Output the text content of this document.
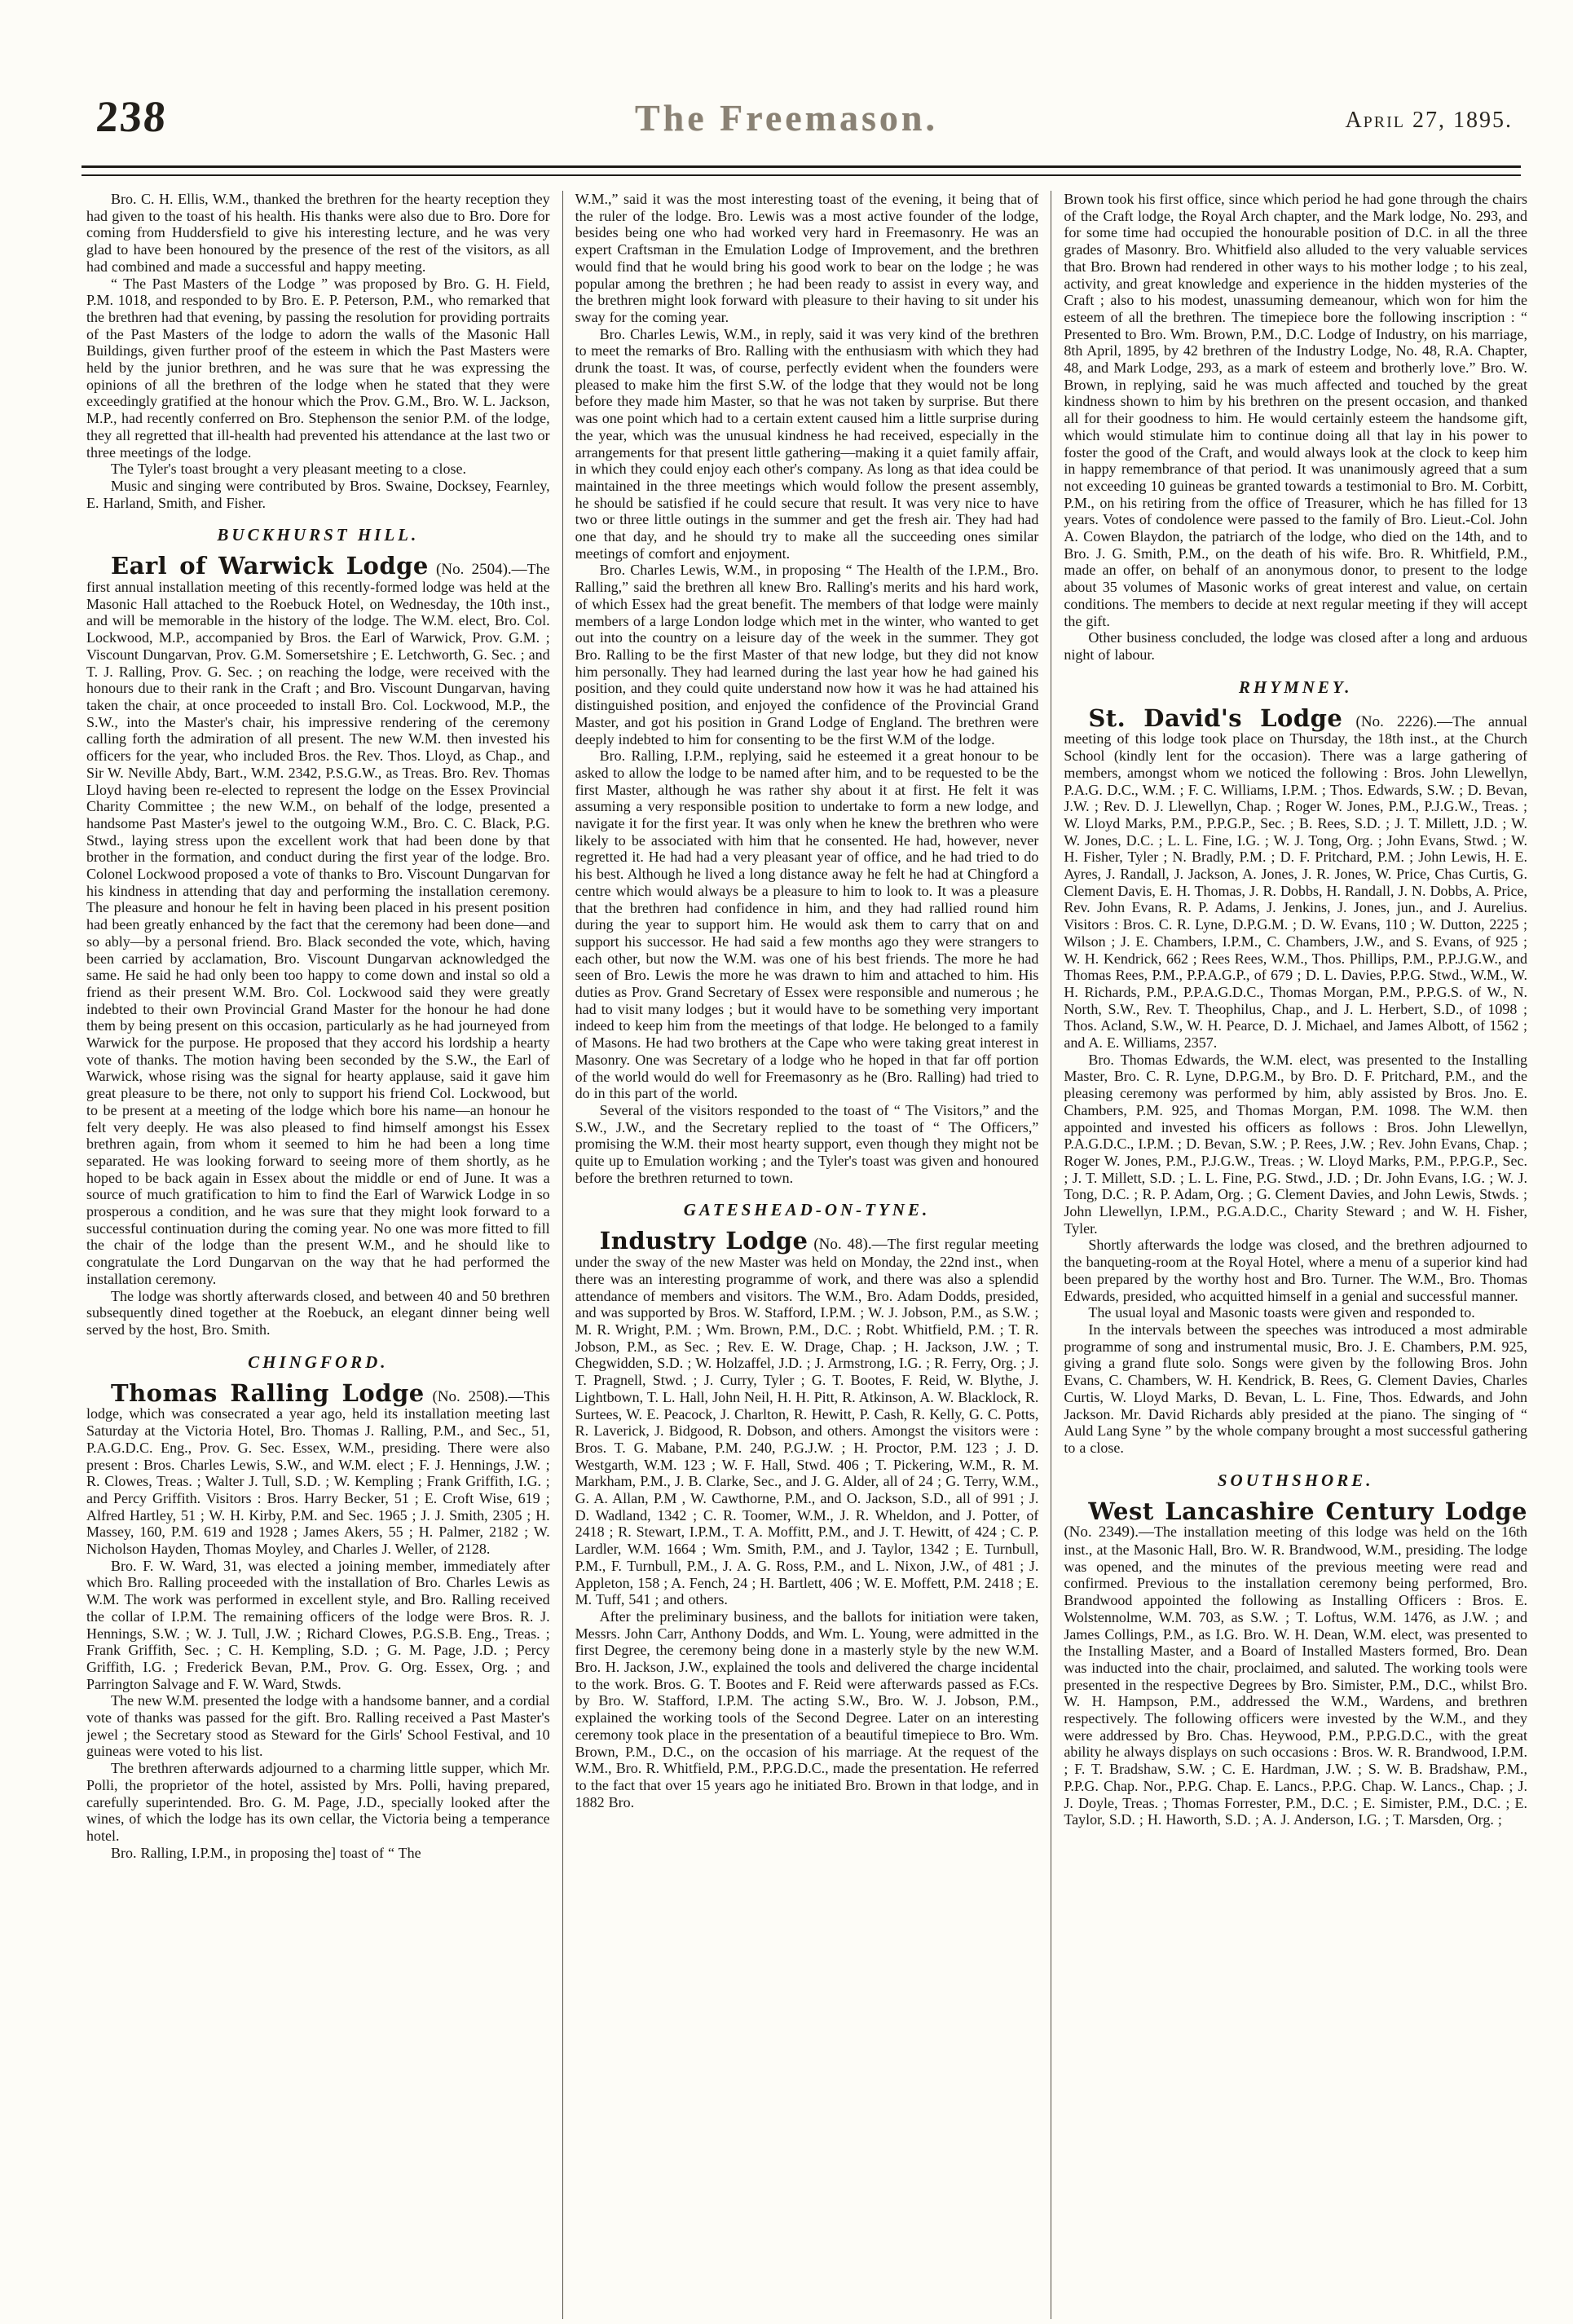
238	The Freemason.	April 27, 1895.

Bro. C. H. Ellis, W.M., thanked the brethren for the hearty reception they had given to the toast of his health. His thanks were also due to Bro. Dore for coming from Huddersfield to give his interesting lecture, and he was very glad to have been honoured by the presence of the rest of the visitors, as all had combined and made a successful and happy meeting.

“ The Past Masters of the Lodge ” was proposed by Bro. G. H. Field, P.M. 1018, and responded to by Bro. E. P. Peterson, P.M., who remarked that the brethren had that evening, by passing the resolution for providing portraits of the Past Masters of the lodge to adorn the walls of the Masonic Hall Buildings, given further proof of the esteem in which the Past Masters were held by the junior brethren, and he was sure that he was expressing the opinions of all the brethren of the lodge when he stated that they were exceedingly gratified at the honour which the Prov. G.M., Bro. W. L. Jackson, M.P., had recently conferred on Bro. Stephenson the senior P.M. of the lodge, they all regretted that ill-health had prevented his attendance at the last two or three meetings of the lodge.

The Tyler's toast brought a very pleasant meeting to a close.

Music and singing were contributed by Bros. Swaine, Docksey, Fearnley, E. Harland, Smith, and Fisher.

BUCKHURST HILL.

Earl of Warwick Lodge (No. 2504).—The first annual installation meeting of this recently-formed lodge was held at the Masonic Hall attached to the Roebuck Hotel, on Wednesday, the 10th inst., and will be memorable in the history of the lodge. The W.M. elect, Bro. Col. Lockwood, M.P., accompanied by Bros. the Earl of Warwick, Prov. G.M. ; Viscount Dungarvan, Prov. G.M. Somersetshire ; E. Letchworth, G. Sec. ; and T. J. Ralling, Prov. G. Sec. ; on reaching the lodge, were received with the honours due to their rank in the Craft ; and Bro. Viscount Dungarvan, having taken the chair, at once proceeded to install Bro. Col. Lockwood, M.P., the S.W., into the Master's chair, his impressive rendering of the ceremony calling forth the admiration of all present. The new W.M. then invested his officers for the year, who included Bros. the Rev. Thos. Lloyd, as Chap., and Sir W. Neville Abdy, Bart., W.M. 2342, P.S.G.W., as Treas. Bro. Rev. Thomas Lloyd having been re-elected to represent the lodge on the Essex Provincial Charity Committee ; the new W.M., on behalf of the lodge, presented a handsome Past Master's jewel to the outgoing W.M., Bro. C. C. Black, P.G. Stwd., laying stress upon the excellent work that had been done by that brother in the formation, and conduct during the first year of the lodge. Bro. Colonel Lockwood proposed a vote of thanks to Bro. Viscount Dungarvan for his kindness in attending that day and performing the installation ceremony. The pleasure and honour he felt in having been placed in his present position had been greatly enhanced by the fact that the ceremony had been done—and so ably—by a personal friend. Bro. Black seconded the vote, which, having been carried by acclamation, Bro. Viscount Dungarvan acknowledged the same. He said he had only been too happy to come down and instal so old a friend as their present W.M. Bro. Col. Lockwood said they were greatly indebted to their own Provincial Grand Master for the honour he had done them by being present on this occasion, particularly as he had journeyed from Warwick for the purpose. He proposed that they accord his lordship a hearty vote of thanks. The motion having been seconded by the S.W., the Earl of Warwick, whose rising was the signal for hearty applause, said it gave him great pleasure to be there, not only to support his friend Col. Lockwood, but to be present at a meeting of the lodge which bore his name—an honour he felt very deeply. He was also pleased to find himself amongst his Essex brethren again, from whom it seemed to him he had been a long time separated. He was looking forward to seeing more of them shortly, as he hoped to be back again in Essex about the middle or end of June. It was a source of much gratification to him to find the Earl of Warwick Lodge in so prosperous a condition, and he was sure that they might look forward to a successful continuation during the coming year. No one was more fitted to fill the chair of the lodge than the present W.M., and he should like to congratulate the Lord Dungarvan on the way that he had performed the installation ceremony.

The lodge was shortly afterwards closed, and between 40 and 50 brethren subsequently dined together at the Roebuck, an elegant dinner being well served by the host, Bro. Smith.

CHINGFORD.

Thomas Ralling Lodge (No. 2508).—This lodge, which was consecrated a year ago, held its installation meeting last Saturday at the Victoria Hotel, Bro. Thomas J. Ralling, P.M., and Sec., 51, P.A.G.D.C. Eng., Prov. G. Sec. Essex, W.M., presiding. There were also present : Bros. Charles Lewis, S.W., and W.M. elect ; F. J. Hennings, J.W. ; R. Clowes, Treas. ; Walter J. Tull, S.D. ; W. Kempling ; Frank Griffith, I.G. ; and Percy Griffith. Visitors : Bros. Harry Becker, 51 ; E. Croft Wise, 619 ; Alfred Hartley, 51 ; W. H. Kirby, P.M. and Sec. 1965 ; J. J. Smith, 2305 ; H. Massey, 160, P.M. 619 and 1928 ; James Akers, 55 ; H. Palmer, 2182 ; W. Nicholson Hayden, Thomas Moyley, and Charles J. Weller, of 2128.

Bro. F. W. Ward, 31, was elected a joining member, immediately after which Bro. Ralling proceeded with the installation of Bro. Charles Lewis as W.M. The work was performed in excellent style, and Bro. Ralling received the collar of I.P.M. The remaining officers of the lodge were Bros. R. J. Hennings, S.W. ; W. J. Tull, J.W. ; Richard Clowes, P.G.S.B. Eng., Treas. ; Frank Griffith, Sec. ; C. H. Kempling, S.D. ; G. M. Page, J.D. ; Percy Griffith, I.G. ; Frederick Bevan, P.M., Prov. G. Org. Essex, Org. ; and Parrington Salvage and F. W. Ward, Stwds.

The new W.M. presented the lodge with a handsome banner, and a cordial vote of thanks was passed for the gift. Bro. Ralling received a Past Master's jewel ; the Secretary stood as Steward for the Girls' School Festival, and 10 guineas were voted to his list.

The brethren afterwards adjourned to a charming little supper, which Mr. Polli, the proprietor of the hotel, assisted by Mrs. Polli, having prepared, carefully superintended. Bro. G. M. Page, J.D., specially looked after the wines, of which the lodge has its own cellar, the Victoria being a temperance hotel.

Bro. Ralling, I.P.M., in proposing the] toast of “ The

W.M.,” said it was the most interesting toast of the evening, it being that of the ruler of the lodge. Bro. Lewis was a most active founder of the lodge, besides being one who had worked very hard in Freemasonry. He was an expert Craftsman in the Emulation Lodge of Improvement, and the brethren would find that he would bring his good work to bear on the lodge ; he was popular among the brethren ; he had been ready to assist in every way, and the brethren might look forward with pleasure to their having to sit under his sway for the coming year.

Bro. Charles Lewis, W.M., in reply, said it was very kind of the brethren to meet the remarks of Bro. Ralling with the enthusiasm with which they had drunk the toast. It was, of course, perfectly evident when the founders were pleased to make him the first S.W. of the lodge that they would not be long before they made him Master, so that he was not taken by surprise. But there was one point which had to a certain extent caused him a little surprise during the year, which was the unusual kindness he had received, especially in the arrangements for that present little gathering—making it a quiet family affair, in which they could enjoy each other's company. As long as that idea could be maintained in the three meetings which would follow the present assembly, he should be satisfied if he could secure that result. It was very nice to have two or three little outings in the summer and get the fresh air. They had had one that day, and he should try to make all the succeeding ones similar meetings of comfort and enjoyment.

Bro. Charles Lewis, W.M., in proposing “ The Health of the I.P.M., Bro. Ralling,” said the brethren all knew Bro. Ralling's merits and his hard work, of which Essex had the great benefit. The members of that lodge were mainly members of a large London lodge which met in the winter, who wanted to get out into the country on a leisure day of the week in the summer. They got Bro. Ralling to be the first Master of that new lodge, but they did not know him personally. They had learned during the last year how he had gained his position, and they could quite understand now how it was he had attained his distinguished position, and enjoyed the confidence of the Provincial Grand Master, and got his position in Grand Lodge of England. The brethren were deeply indebted to him for consenting to be the first W.M of the lodge.

Bro. Ralling, I.P.M., replying, said he esteemed it a great honour to be asked to allow the lodge to be named after him, and to be requested to be the first Master, although he was rather shy about it at first. He felt it was assuming a very responsible position to undertake to form a new lodge, and navigate it for the first year. It was only when he knew the brethren who were likely to be associated with him that he consented. He had, however, never regretted it. He had had a very pleasant year of office, and he had tried to do his best. Although he lived a long distance away he felt he had at Chingford a centre which would always be a pleasure to him to look to. It was a pleasure that the brethren had confidence in him, and they had rallied round him during the year to support him. He would ask them to carry that on and support his successor. He had said a few months ago they were strangers to each other, but now the W.M. was one of his best friends. The more he had seen of Bro. Lewis the more he was drawn to him and attached to him. His duties as Prov. Grand Secretary of Essex were responsible and numerous ; he had to visit many lodges ; but it would have to be something very important indeed to keep him from the meetings of that lodge. He belonged to a family of Masons. He had two brothers at the Cape who were taking great interest in Masonry. One was Secretary of a lodge who he hoped in that far off portion of the world would do well for Freemasonry as he (Bro. Ralling) had tried to do in this part of the world.

Several of the visitors responded to the toast of “ The Visitors,” and the S.W., J.W., and the Secretary replied to the toast of “ The Officers,” promising the W.M. their most hearty support, even though they might not be quite up to Emulation working ; and the Tyler's toast was given and honoured before the brethren returned to town.

GATESHEAD-ON-TYNE.

Industry Lodge (No. 48).—The first regular meeting under the sway of the new Master was held on Monday, the 22nd inst., when there was an interesting programme of work, and there was also a splendid attendance of members and visitors. The W.M., Bro. Adam Dodds, presided, and was supported by Bros. W. Stafford, I.P.M. ; W. J. Jobson, P.M., as S.W. ; M. R. Wright, P.M. ; Wm. Brown, P.M., D.C. ; Robt. Whitfield, P.M. ; T. R. Jobson, P.M., as Sec. ; Rev. E. W. Drage, Chap. ; H. Jackson, J.W. ; T. Chegwidden, S.D. ; W. Holzaffel, J.D. ; J. Armstrong, I.G. ; R. Ferry, Org. ; J. T. Pragnell, Stwd. ; J. Curry, Tyler ; G. T. Bootes, F. Reid, W. Blythe, J. Lightbown, T. L. Hall, John Neil, H. H. Pitt, R. Atkinson, A. W. Blacklock, R. Surtees, W. E. Peacock, J. Charlton, R. Hewitt, P. Cash, R. Kelly, G. C. Potts, R. Laverick, J. Bidgood, R. Dobson, and others. Amongst the visitors were : Bros. T. G. Mabane, P.M. 240, P.G.J.W. ; H. Proctor, P.M. 123 ; J. D. Westgarth, W.M. 123 ; W. F. Hall, Stwd. 406 ; T. Pickering, W.M., R. M. Markham, P.M., J. B. Clarke, Sec., and J. G. Alder, all of 24 ; G. Terry, W.M., G. A. Allan, P.M , W. Cawthorne, P.M., and O. Jackson, S.D., all of 991 ; J. D. Wadland, 1342 ; C. R. Toomer, W.M., J. R. Wheldon, and J. Potter, of 2418 ; R. Stewart, I.P.M., T. A. Moffitt, P.M., and J. T. Hewitt, of 424 ; C. P. Lardler, W.M. 1664 ; Wm. Smith, P.M., and J. Taylor, 1342 ; E. Turnbull, P.M., F. Turnbull, P.M., J. A. G. Ross, P.M., and L. Nixon, J.W., of 481 ; J. Appleton, 158 ; A. Fench, 24 ; H. Bartlett, 406 ; W. E. Moffett, P.M. 2418 ; E. M. Tuff, 541 ; and others.

After the preliminary business, and the ballots for initiation were taken, Messrs. John Carr, Anthony Dodds, and Wm. L. Young, were admitted in the first Degree, the ceremony being done in a masterly style by the new W.M. Bro. H. Jackson, J.W., explained the tools and delivered the charge incidental to the work. Bros. G. T. Bootes and F. Reid were afterwards passed as F.Cs. by Bro. W. Stafford, I.P.M. The acting S.W., Bro. W. J. Jobson, P.M., explained the working tools of the Second Degree. Later on an interesting ceremony took place in the presentation of a beautiful timepiece to Bro. Wm. Brown, P.M., D.C., on the occasion of his marriage. At the request of the W.M., Bro. R. Whitfield, P.M., P.P.G.D.C., made the presentation. He referred to the fact that over 15 years ago he initiated Bro. Brown in that lodge, and in 1882 Bro.

Brown took his first office, since which period he had gone through the chairs of the Craft lodge, the Royal Arch chapter, and the Mark lodge, No. 293, and for some time had occupied the honourable position of D.C. in all the three grades of Masonry. Bro. Whitfield also alluded to the very valuable services that Bro. Brown had rendered in other ways to his mother lodge ; to his zeal, activity, and great knowledge and experience in the hidden mysteries of the Craft ; also to his modest, unassuming demeanour, which won for him the esteem of all the brethren. The timepiece bore the following inscription : “ Presented to Bro. Wm. Brown, P.M., D.C. Lodge of Industry, on his marriage, 8th April, 1895, by 42 brethren of the Industry Lodge, No. 48, R.A. Chapter, 48, and Mark Lodge, 293, as a mark of esteem and brotherly love.” Bro. W. Brown, in replying, said he was much affected and touched by the great kindness shown to him by his brethren on the present occasion, and thanked all for their goodness to him. He would certainly esteem the handsome gift, which would stimulate him to continue doing all that lay in his power to foster the good of the Craft, and would always look at the clock to keep him in happy remembrance of that period. It was unanimously agreed that a sum not exceeding 10 guineas be granted towards a testimonial to Bro. M. Corbitt, P.M., on his retiring from the office of Treasurer, which he has filled for 13 years. Votes of condolence were passed to the family of Bro. Lieut.-Col. John A. Cowen Blaydon, the patriarch of the lodge, who died on the 14th, and to Bro. J. G. Smith, P.M., on the death of his wife. Bro. R. Whitfield, P.M., made an offer, on behalf of an anonymous donor, to present to the lodge about 35 volumes of Masonic works of great interest and value, on certain conditions. The members to decide at next regular meeting if they will accept the gift.

Other business concluded, the lodge was closed after a long and arduous night of labour.

RHYMNEY.

St. David's Lodge (No. 2226).—The annual meeting of this lodge took place on Thursday, the 18th inst., at the Church School (kindly lent for the occasion). There was a large gathering of members, amongst whom we noticed the following : Bros. John Llewellyn, P.A.G. D.C., W.M. ; F. C. Williams, I.P.M. ; Thos. Edwards, S.W. ; D. Bevan, J.W. ; Rev. D. J. Llewellyn, Chap. ; Roger W. Jones, P.M., P.J.G.W., Treas. ; W. Lloyd Marks, P.M., P.P.G.P., Sec. ; B. Rees, S.D. ; J. T. Millett, J.D. ; W. W. Jones, D.C. ; L. L. Fine, I.G. ; W. J. Tong, Org. ; John Evans, Stwd. ; W. H. Fisher, Tyler ; N. Bradly, P.M. ; D. F. Pritchard, P.M. ; John Lewis, H. E. Ayres, J. Randall, J. Jackson, A. Jones, J. R. Jones, W. Price, Chas Curtis, G. Clement Davis, E. H. Thomas, J. R. Dobbs, H. Randall, J. N. Dobbs, A. Price, Rev. John Evans, R. P. Adams, J. Jenkins, J. Jones, jun., and J. Aurelius. Visitors : Bros. C. R. Lyne, D.P.G.M. ; D. W. Evans, 110 ; W. Dutton, 2225 ; Wilson ; J. E. Chambers, I.P.M., C. Chambers, J.W., and S. Evans, of 925 ; W. H. Kendrick, 662 ; Rees Rees, W.M., Thos. Phillips, P.M., P.P.J.G.W., and Thomas Rees, P.M., P.P.A.G.P., of 679 ; D. L. Davies, P.P.G. Stwd., W.M., W. H. Richards, P.M., P.P.A.G.D.C., Thomas Morgan, P.M., P.P.G.S. of W., N. North, S.W., Rev. T. Theophilus, Chap., and J. L. Herbert, S.D., of 1098 ; Thos. Acland, S.W., W. H. Pearce, D. J. Michael, and James Albott, of 1562 ; and A. E. Williams, 2357.

Bro. Thomas Edwards, the W.M. elect, was presented to the Installing Master, Bro. C. R. Lyne, D.P.G.M., by Bro. D. F. Pritchard, P.M., and the pleasing ceremony was performed by him, ably assisted by Bros. Jno. E. Chambers, P.M. 925, and Thomas Morgan, P.M. 1098. The W.M. then appointed and invested his officers as follows : Bros. John Llewellyn, P.A.G.D.C., I.P.M. ; D. Bevan, S.W. ; P. Rees, J.W. ; Rev. John Evans, Chap. ; Roger W. Jones, P.M., P.J.G.W., Treas. ; W. Lloyd Marks, P.M., P.P.G.P., Sec. ; J. T. Millett, S.D. ; L. L. Fine, P.G. Stwd., J.D. ; Dr. John Evans, I.G. ; W. J. Tong, D.C. ; R. P. Adam, Org. ; G. Clement Davies, and John Lewis, Stwds. ; John Llewellyn, I.P.M., P.G.A.D.C., Charity Steward ; and W. H. Fisher, Tyler.

Shortly afterwards the lodge was closed, and the brethren adjourned to the banqueting-room at the Royal Hotel, where a menu of a superior kind had been prepared by the worthy host and Bro. Turner. The W.M., Bro. Thomas Edwards, presided, who acquitted himself in a genial and successful manner.

The usual loyal and Masonic toasts were given and responded to.

In the intervals between the speeches was introduced a most admirable programme of song and instrumental music, Bro. J. E. Chambers, P.M. 925, giving a grand flute solo. Songs were given by the following Bros. John Evans, C. Chambers, W. H. Kendrick, B. Rees, G. Clement Davies, Charles Curtis, W. Lloyd Marks, D. Bevan, L. L. Fine, Thos. Edwards, and John Jackson. Mr. David Richards ably presided at the piano. The singing of “ Auld Lang Syne ” by the whole company brought a most successful gathering to a close.

SOUTHSHORE.

West Lancashire Century Lodge (No. 2349).—The installation meeting of this lodge was held on the 16th inst., at the Masonic Hall, Bro. W. R. Brandwood, W.M., presiding. The lodge was opened, and the minutes of the previous meeting were read and confirmed. Previous to the installation ceremony being performed, Bro. Brandwood appointed the following as Installing Officers : Bros. E. Wolstennolme, W.M. 703, as S.W. ; T. Loftus, W.M. 1476, as J.W. ; and James Collings, P.M., as I.G. Bro. W. H. Dean, W.M. elect, was presented to the Installing Master, and a Board of Installed Masters formed, Bro. Dean was inducted into the chair, proclaimed, and saluted. The working tools were presented in the respective Degrees by Bro. Simister, P.M., D.C., whilst Bro. W. H. Hampson, P.M., addressed the W.M., Wardens, and brethren respectively. The following officers were invested by the W.M., and they were addressed by Bro. Chas. Heywood, P.M., P.P.G.D.C., with the great ability he always displays on such occasions : Bros. W. R. Brandwood, I.P.M. ; F. T. Bradshaw, S.W. ; C. E. Hardman, J.W. ; S. W. B. Bradshaw, P.M., P.P.G. Chap. Nor., P.P.G. Chap. E. Lancs., P.P.G. Chap. W. Lancs., Chap. ; J. J. Doyle, Treas. ; Thomas Forrester, P.M., D.C. ; E. Simister, P.M., D.C. ; E. Taylor, S.D. ; H. Haworth, S.D. ; A. J. Anderson, I.G. ; T. Marsden, Org. ;
